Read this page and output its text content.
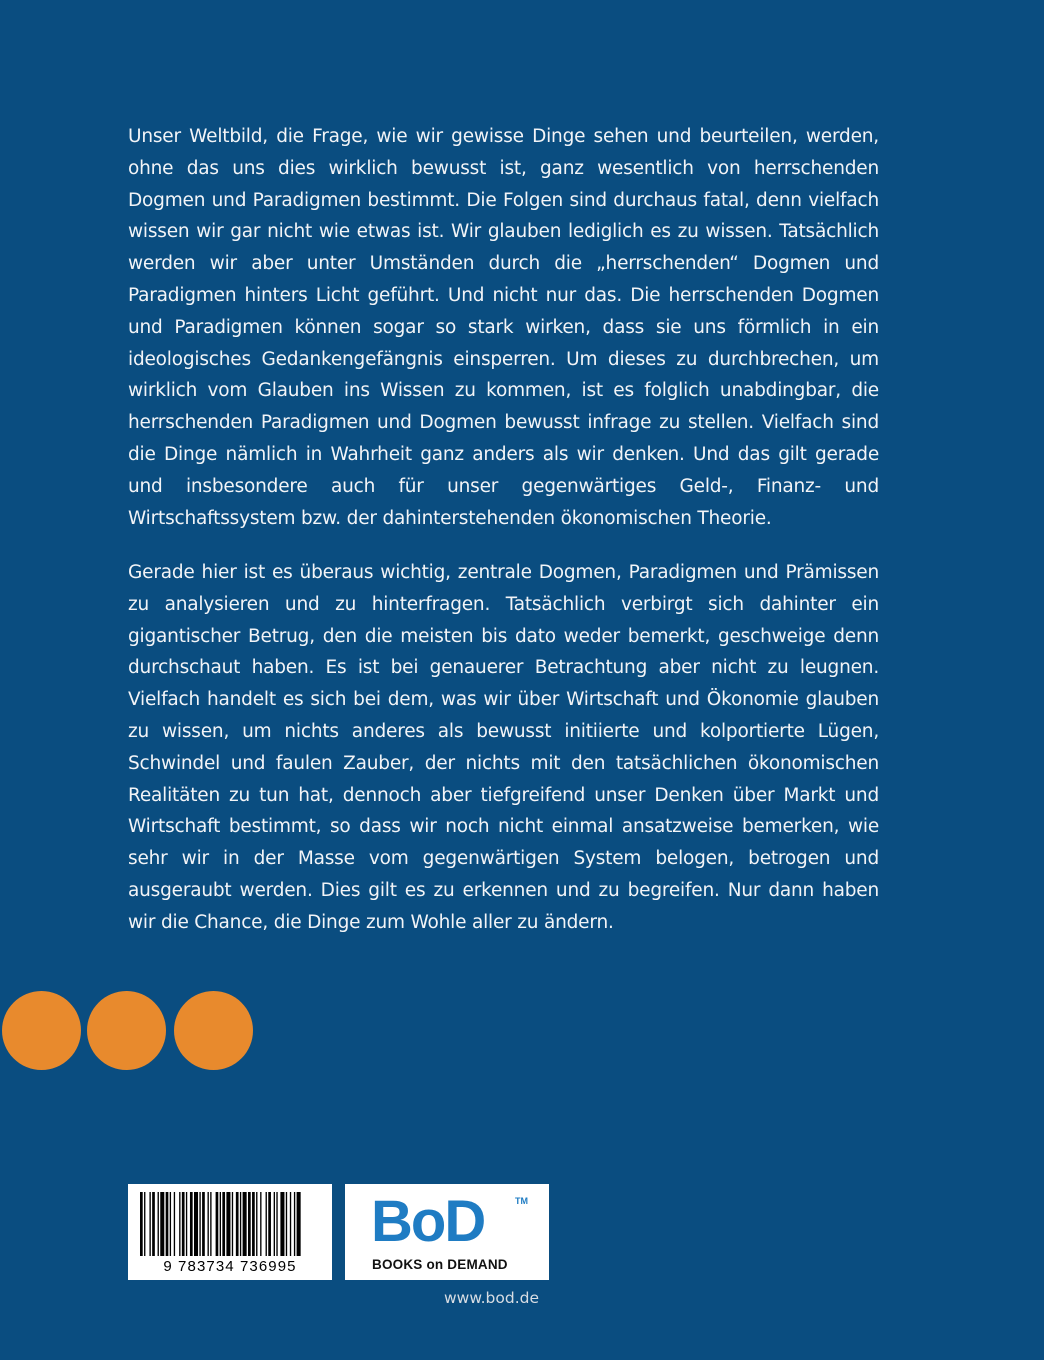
Unser Weltbild, die Frage, wie wir gewisse Dinge sehen und beurteilen, werden,
ohne das uns dies wirklich bewusst ist, ganz wesentlich von herrschenden
Dogmen und Paradigmen bestimmt. Die Folgen sind durchaus fatal, denn vielfach
wissen wir gar nicht wie etwas ist. Wir glauben lediglich es zu wissen. Tatsächlich
werden wir aber unter Umständen durch die „herrschenden“ Dogmen und
Paradigmen hinters Licht geführt. Und nicht nur das. Die herrschenden Dogmen
und Paradigmen können sogar so stark wirken, dass sie uns förmlich in ein
ideologisches Gedankengefängnis einsperren. Um dieses zu durchbrechen, um
wirklich vom Glauben ins Wissen zu kommen, ist es folglich unabdingbar, die
herrschenden Paradigmen und Dogmen bewusst infrage zu stellen. Vielfach sind
die Dinge nämlich in Wahrheit ganz anders als wir denken. Und das gilt gerade
und insbesondere auch für unser gegenwärtiges Geld-, Finanz- und
Wirtschaftssystem bzw. der dahinterstehenden ökonomischen Theorie.
Gerade hier ist es überaus wichtig, zentrale Dogmen, Paradigmen und Prämissen
zu analysieren und zu hinterfragen. Tatsächlich verbirgt sich dahinter ein
gigantischer Betrug, den die meisten bis dato weder bemerkt, geschweige denn
durchschaut haben. Es ist bei genauerer Betrachtung aber nicht zu leugnen.
Vielfach handelt es sich bei dem, was wir über Wirtschaft und Ökonomie glauben
zu wissen, um nichts anderes als bewusst initiierte und kolportierte Lügen,
Schwindel und faulen Zauber, der nichts mit den tatsächlichen ökonomischen
Realitäten zu tun hat, dennoch aber tiefgreifend unser Denken über Markt und
Wirtschaft bestimmt, so dass wir noch nicht einmal ansatzweise bemerken, wie
sehr wir in der Masse vom gegenwärtigen System belogen, betrogen und
ausgeraubt werden. Dies gilt es zu erkennen und zu begreifen. Nur dann haben
wir die Chance, die Dinge zum Wohle aller zu ändern.
9 783734 736995
BoD	TM
BOOKS on DEMAND
www.bod.de
